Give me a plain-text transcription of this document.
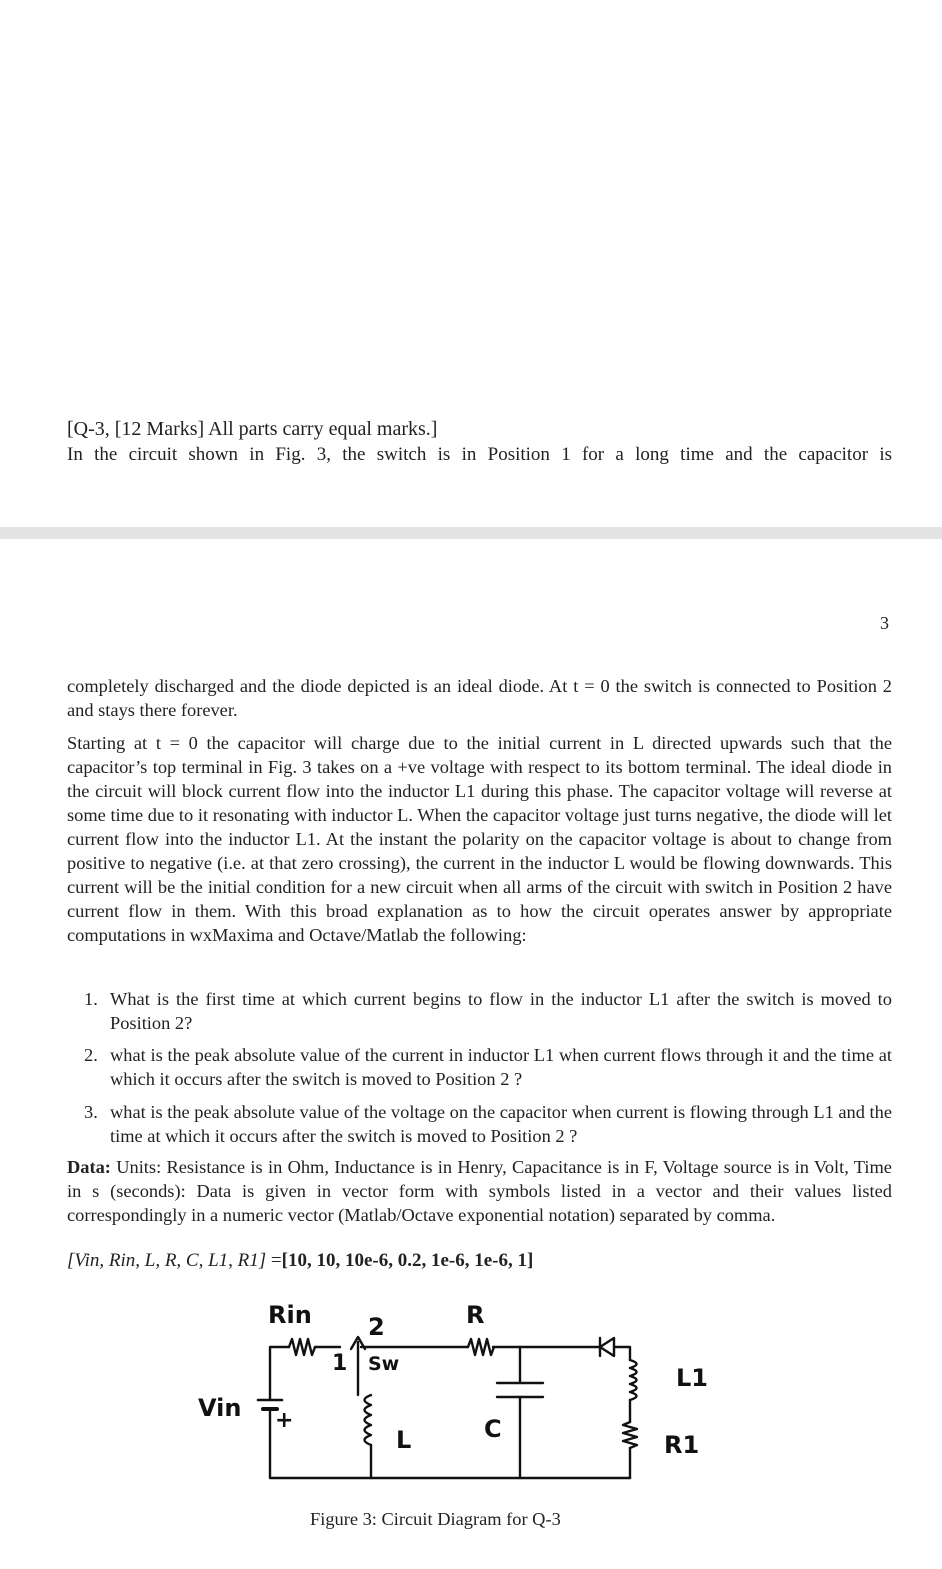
[Q-3, [12 Marks] All parts carry equal marks.]
In the circuit shown in Fig. 3, the switch is in Position 1 for a long time and the capacitor is
3
completely discharged and the diode depicted is an ideal diode. At t = 0 the switch is connected to Position 2 and stays there forever.
Starting at t = 0 the capacitor will charge due to the initial current in L directed upwards such that the capacitor’s top terminal in Fig. 3 takes on a +ve voltage with respect to its bottom terminal. The ideal diode in the circuit will block current flow into the inductor L1 during this phase. The capacitor voltage will reverse at some time due to it resonating with inductor L. When the capacitor voltage just turns negative, the diode will let current flow into the inductor L1. At the instant the polarity on the capacitor voltage is about to change from positive to negative (i.e. at that zero crossing), the current in the inductor L would be flowing downwards. This current will be the initial condition for a new circuit when all arms of the circuit with switch in Position 2 have current flow in them. With this broad explanation as to how the circuit operates answer by appropriate computations in wxMaxima and Octave/Matlab the following:
1. What is the first time at which current begins to flow in the inductor L1 after the switch is moved to Position 2?
2. what is the peak absolute value of the current in inductor L1 when current flows through it and the time at which it occurs after the switch is moved to Position 2 ?
3. what is the peak absolute value of the voltage on the capacitor when current is flowing through L1 and the time at which it occurs after the switch is moved to Position 2 ?
Data: Units: Resistance is in Ohm, Inductance is in Henry, Capacitance is in F, Voltage source is in Volt, Time in s (seconds): Data is given in vector form with symbols listed in a vector and their values listed correspondingly in a numeric vector (Matlab/Octave exponential notation) separated by comma.
[Vin, Rin, L, R, C, L1, R1] =[10, 10, 10e-6, 0.2, 1e-6, 1e-6, 1]
Rin 2	R
1 Sw	L1
Vin +
L	C
R1
Figure 3: Circuit Diagram for Q-3
